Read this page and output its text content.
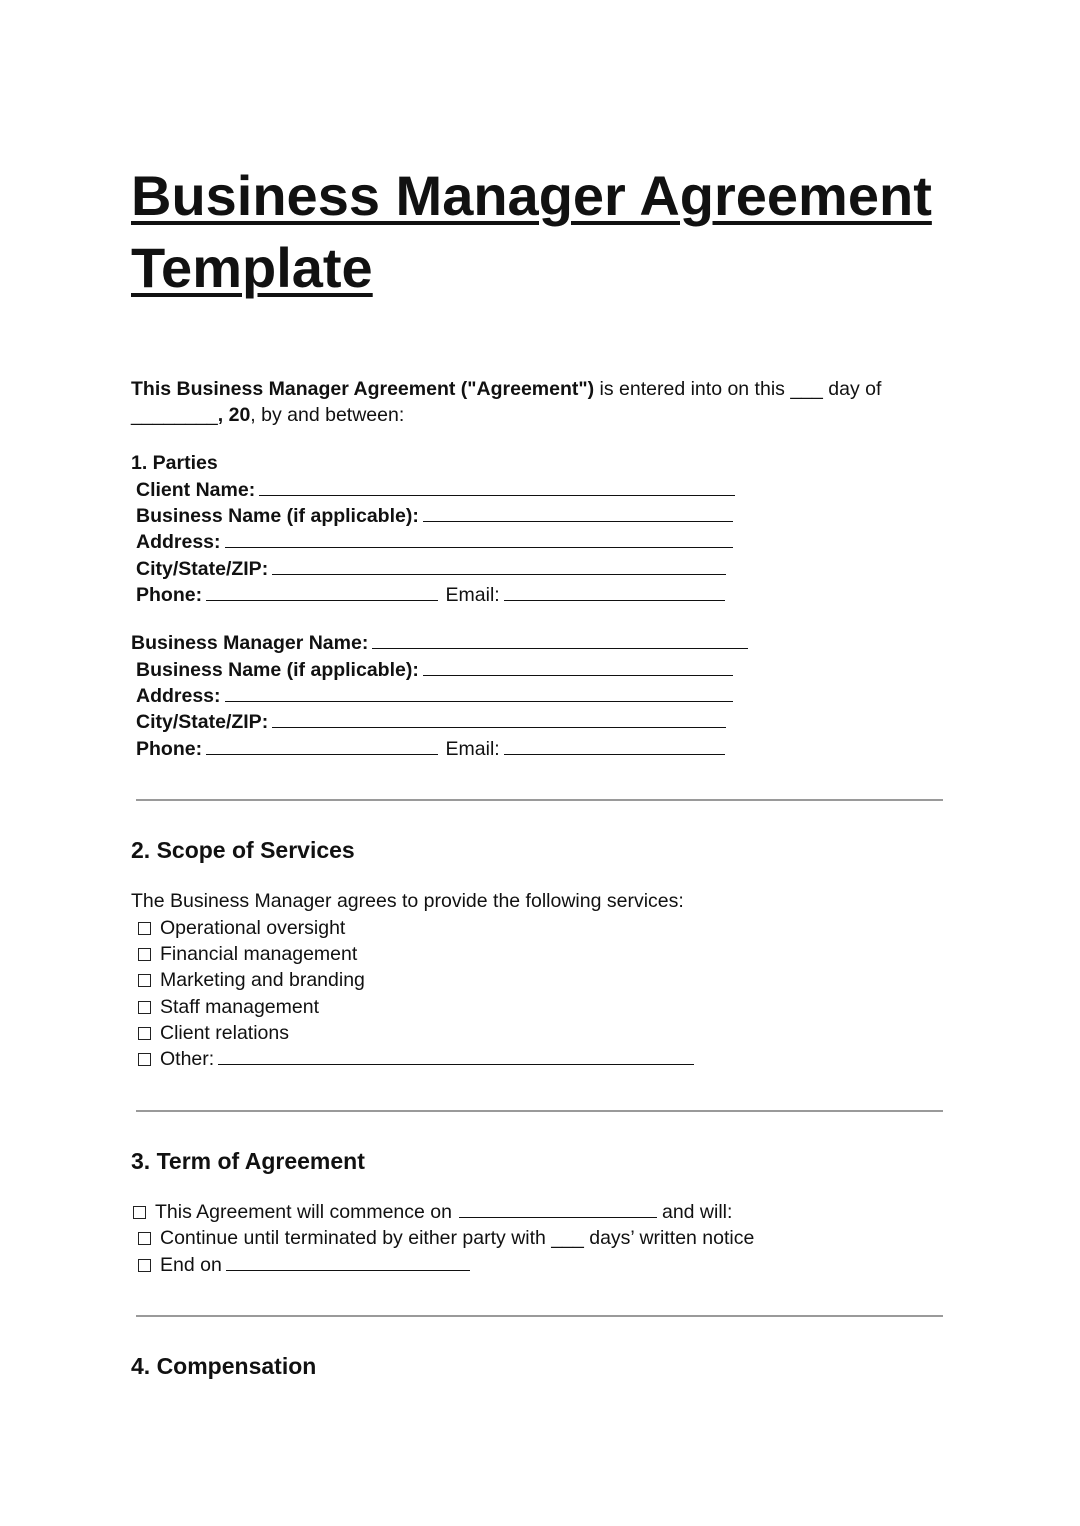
Business Manager Agreement Template
This Business Manager Agreement ("Agreement") is entered into on this ___ day of
________, 20, by and between:
1. Parties
Client Name:
Business Name (if applicable):
Address:
City/State/ZIP:
Phone:	Email:
Business Manager Name:
Business Name (if applicable):
Address:
City/State/ZIP:
Phone:	Email:
2. Scope of Services
The Business Manager agrees to provide the following services:
Operational oversight
Financial management
Marketing and branding
Staff management
Client relations
Other:
3. Term of Agreement
This Agreement will commence on	and will:
Continue until terminated by either party with ___ days’ written notice
End on
4. Compensation
